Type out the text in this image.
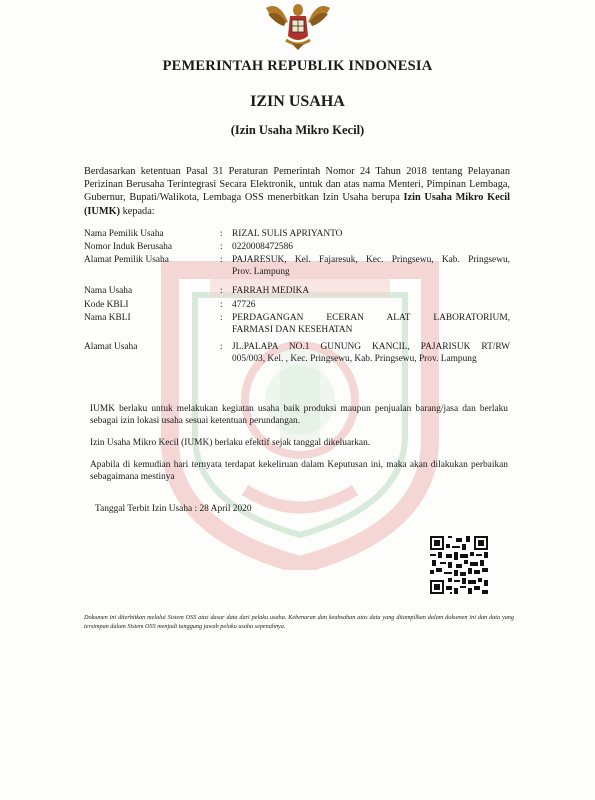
PEMERINTAH REPUBLIK INDONESIA
IZIN USAHA
(Izin Usaha Mikro Kecil)
Berdasarkan ketentuan Pasal 31 Peraturan Pemerintah Nomor 24 Tahun 2018 tentang Pelayanan Perizinan Berusaha Terintegrasi Secara Elektronik, untuk dan atas nama Menteri, Pimpinan Lembaga, Gubernur, Bupati/Walikota, Lembaga OSS menerbitkan Izin Usaha berupa Izin Usaha Mikro Kecil (IUMK) kepada:
Nama Pemilik Usaha	: RIZAL SULIS APRIYANTO
Nomor Induk Berusaha	: 0220008472586
Alamat Pemilik Usaha	: PAJARESUK, Kel. Fajaresuk, Kec. Pringsewu, Kab. Pringsewu,
Prov. Lampung
Nama Usaha	: FARRAH MEDIKA
Kode KBLI	: 47726
Nama KBLI	: PERDAGANGAN ECERAN ALAT LABORATORIUM,
FARMASI DAN KESEHATAN
Alamat Usaha	: JL.PALAPA NO.1 GUNUNG KANCIL, PAJARISUK RT/RW
005/003, Kel. , Kec. Pringsewu, Kab. Pringsewu, Prov. Lampung
IUMK berlaku untuk melakukan kegiatan usaha baik produksi maupun penjualan barang/jasa dan berlaku sebagai izin lokasi usaha sesuai ketentuan perundangan.
Izin Usaha Mikro Kecil (IUMK) berlaku efektif sejak tanggal dikeluarkan.
Apabila di kemudian hari ternyata terdapat kekeliruan dalam Keputusan ini, maka akan dilakukan perbaikan sebagaimana mestinya
Tanggal Terbit Izin Usaha : 28 April 2020
Dokumen ini diterbitkan melalui Sistem OSS atas dasar data dari pelaku usaha. Kebenaran dan keabsahan atas data yang ditampilkan dalam dokumen ini dan data yang tersimpan dalam Sistem OSS menjadi tanggung jawab pelaku usaha sepenuhnya.
